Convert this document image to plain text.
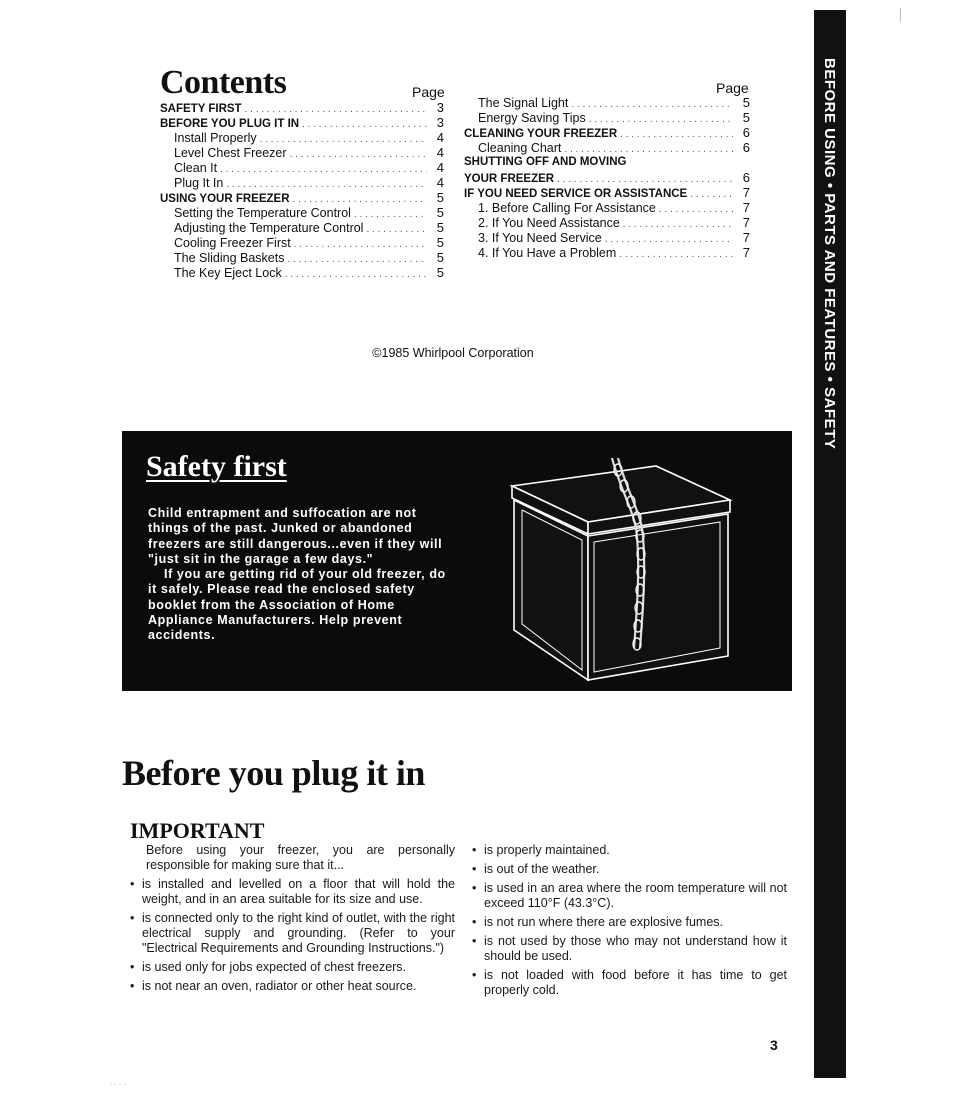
BEFORE USING • PARTS AND FEATURES • SAFETY
Contents	Page	Page
SAFETY FIRST . . .	3
BEFORE YOU PLUG IT IN . . .	3
Install Properly . . .	4
Level Chest Freezer . . .	4
Clean It . . .	4
Plug It In . . .	4
USING YOUR FREEZER . . .	5
Setting the Temperature Control . . .	5
Adjusting the Temperature Control . . .	5
Cooling Freezer First . . .	5
The Sliding Baskets . . .	5
The Key Eject Lock . . .	5
The Signal Light . . .	5
Energy Saving Tips . . .	5
CLEANING YOUR FREEZER . . .	6
Cleaning Chart . . .	6
SHUTTING OFF AND MOVING
YOUR FREEZER . . .	6
IF YOU NEED SERVICE OR ASSISTANCE . . .	7
1. Before Calling For Assistance . . .	7
2. If You Need Assistance . . .	7
3. If You Need Service . . .	7
4. If You Have a Problem . . .	7
©1985 Whirlpool Corporation
Safety first

Child entrapment and suffocation are not things of the past. Junked or abandoned freezers are still dangerous...even if they will "just sit in the garage a few days."

If you are getting rid of your old freezer, do it safely. Please read the enclosed safety booklet from the Association of Home Appliance Manufacturers. Help prevent accidents.

Before you plug it in
IMPORTANT

Before using your freezer, you are personally responsible for making sure that it...

• is installed and levelled on a floor that will hold the weight, and in an area suitable for its size and use.
• is connected only to the right kind of outlet, with the right electrical supply and grounding. (Refer to your "Electrical Requirements and Grounding Instructions.")
• is used only for jobs expected of chest freezers.
• is not near an oven, radiator or other heat source.
• is properly maintained.
• is out of the weather.
• is used in an area where the room temperature will not exceed 110°F (43.3°C).
• is not run where there are explosive fumes.
• is not used by those who may not understand how it should be used.
• is not loaded with food before it has time to get properly cold.
3
. . . .
